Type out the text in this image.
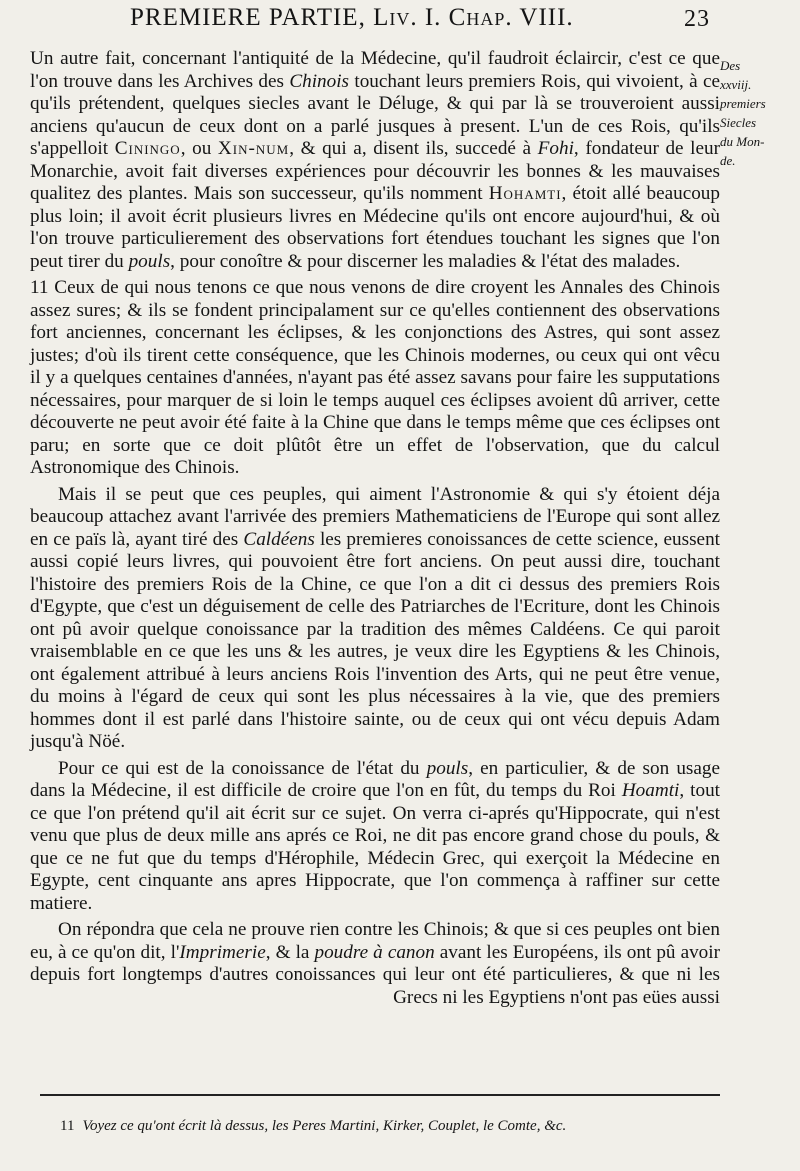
PREMIERE PARTIE, Liv. I. Chap. VIII.	23
Des
xxviij.
premiers
Siecles
du Mon-
de.

Un autre fait, concernant l'antiquité de la Médecine, qu'il faudroit éclaircir, c'est ce que l'on trouve dans les Archives des Chinois touchant leurs premiers Rois, qui vivoient, à ce qu'ils prétendent, quelques siecles avant le Déluge, & qui par là se trouveroient aussi anciens qu'aucun de ceux dont on a parlé jusques à present. L'un de ces Rois, qu'ils s'appelloit Ciningo, ou Xin-num, & qui a, disent ils, succedé à Fohi, fondateur de leur Monarchie, avoit fait diverses expériences pour découvrir les bonnes & les mauvaises qualitez des plantes. Mais son successeur, qu'ils nomment Hohamti, étoit allé beaucoup plus loin; il avoit écrit plusieurs livres en Médecine qu'ils ont encore aujourd'hui, & où l'on trouve particulierement des observations fort étendues touchant les signes que l'on peut tirer du pouls, pour conoître & pour discerner les maladies & l'état des malades.

11 Ceux de qui nous tenons ce que nous venons de dire croyent les Annales des Chinois assez sures; & ils se fondent principalament sur ce qu'elles contiennent des observations fort anciennes, concernant les éclipses, & les conjonctions des Astres, qui sont assez justes; d'où ils tirent cette conséquence, que les Chinois modernes, ou ceux qui ont vêcu il y a quelques centaines d'années, n'ayant pas été assez savans pour faire les supputations nécessaires, pour marquer de si loin le temps auquel ces éclipses avoient dû arriver, cette découverte ne peut avoir été faite à la Chine que dans le temps même que ces éclipses ont paru; en sorte que ce doit plûtôt être un effet de l'observation, que du calcul Astronomique des Chinois.

Mais il se peut que ces peuples, qui aiment l'Astronomie & qui s'y étoient déja beaucoup attachez avant l'arrivée des premiers Mathematiciens de l'Europe qui sont allez en ce païs là, ayant tiré des Caldéens les premieres conoissances de cette science, eussent aussi copié leurs livres, qui pouvoient être fort anciens. On peut aussi dire, touchant l'histoire des premiers Rois de la Chine, ce que l'on a dit ci dessus des premiers Rois d'Egypte, que c'est un déguisement de celle des Patriarches de l'Ecriture, dont les Chinois ont pû avoir quelque conoissance par la tradition des mêmes Caldéens. Ce qui paroit vraisemblable en ce que les uns & les autres, je veux dire les Egyptiens & les Chinois, ont également attribué à leurs anciens Rois l'invention des Arts, qui ne peut être venue, du moins à l'égard de ceux qui sont les plus nécessaires à la vie, que des premiers hommes dont il est parlé dans l'histoire sainte, ou de ceux qui ont vécu depuis Adam jusqu'à Nöé.

Pour ce qui est de la conoissance de l'état du pouls, en particulier, & de son usage dans la Médecine, il est difficile de croire que l'on en fût, du temps du Roi Hoamti, tout ce que l'on prétend qu'il ait écrit sur ce sujet. On verra ci-aprés qu'Hippocrate, qui n'est venu que plus de deux mille ans aprés ce Roi, ne dit pas encore grand chose du pouls, & que ce ne fut que du temps d'Hérophile, Médecin Grec, qui exerçoit la Médecine en Egypte, cent cinquante ans apres Hippocrate, que l'on commença à raffiner sur cette matiere.

On répondra que cela ne prouve rien contre les Chinois; & que si ces peuples ont bien eu, à ce qu'on dit, l'Imprimerie, & la poudre à canon avant les Européens, ils ont pû avoir depuis fort longtemps d'autres conoissances qui leur ont été particulieres, & que ni les Grecs ni les Egyptiens n'ont pas eües aussi

11 Voyez ce qu'ont écrit là dessus, les Peres Martini, Kirker, Couplet, le Comte, &c.
